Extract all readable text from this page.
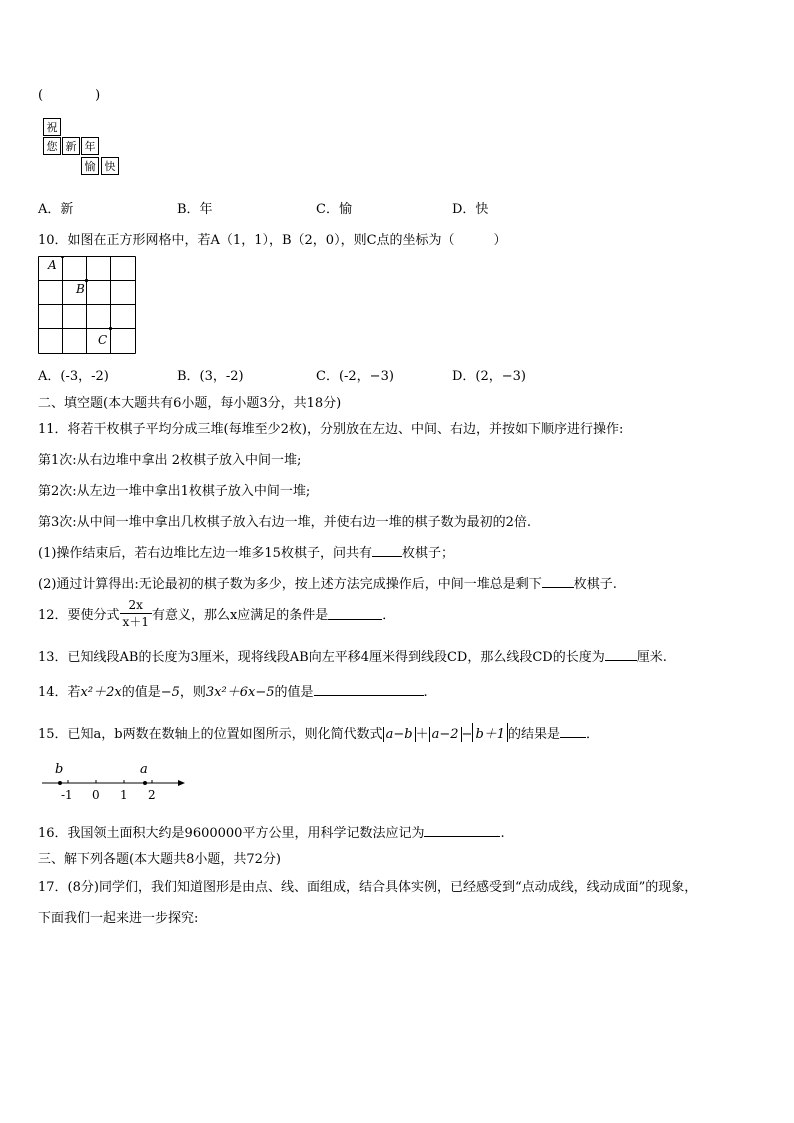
(　　　　)
祝
您 新 年
愉 快
A．新	B．年	C．愉	D．快
10．如图在正方形网格中，若A（1，1），B（2，0），则C点的坐标为（　　　）
A
B
C
A．(-3，-2)	B．(3，-2)	C．(-2，−3)	D．(2，−3)
二、填空题(本大题共有6小题，每小题3分，共18分)
11．将若干枚棋子平均分成三堆(每堆至少2枚)，分别放在左边、中间、右边，并按如下顺序进行操作:
第1次:从右边堆中拿出 2枚棋子放入中间一堆;
第2次:从左边一堆中拿出1枚棋子放入中间一堆;
第3次:从中间一堆中拿出几枚棋子放入右边一堆，并使右边一堆的棋子数为最初的2倍.
(1)操作结束后，若右边堆比左边一堆多15枚棋子，问共有 枚棋子；
(2)通过计算得出:无论最初的棋子数为多少，按上述方法完成操作后，中间一堆总是剩下 枚棋子.
12．要使分式 $\frac{2x}{x+1}$ 有意义，那么x应满足的条件是	．
13．已知线段AB的长度为3厘米，现将线段AB向左平移4厘米得到线段CD，那么线段CD的长度为 厘米.
14．若x²＋2x的值是−5，则3x²＋6x−5的值是	.
15．已知a，b两数在数轴上的位置如图所示，则化简代数式 a−b ＋ a−2 − b＋1 的结果是 ．
b	a
-1 0 1 2
16．我国领土面积大约是9600000平方公里，用科学记数法应记为	.
三、解下列各题(本大题共8小题，共72分)
17．(8分)同学们，我们知道图形是由点、线、面组成，结合具体实例，已经感受到“点动成线，线动成面”的现象，
下面我们一起来进一步探究:
